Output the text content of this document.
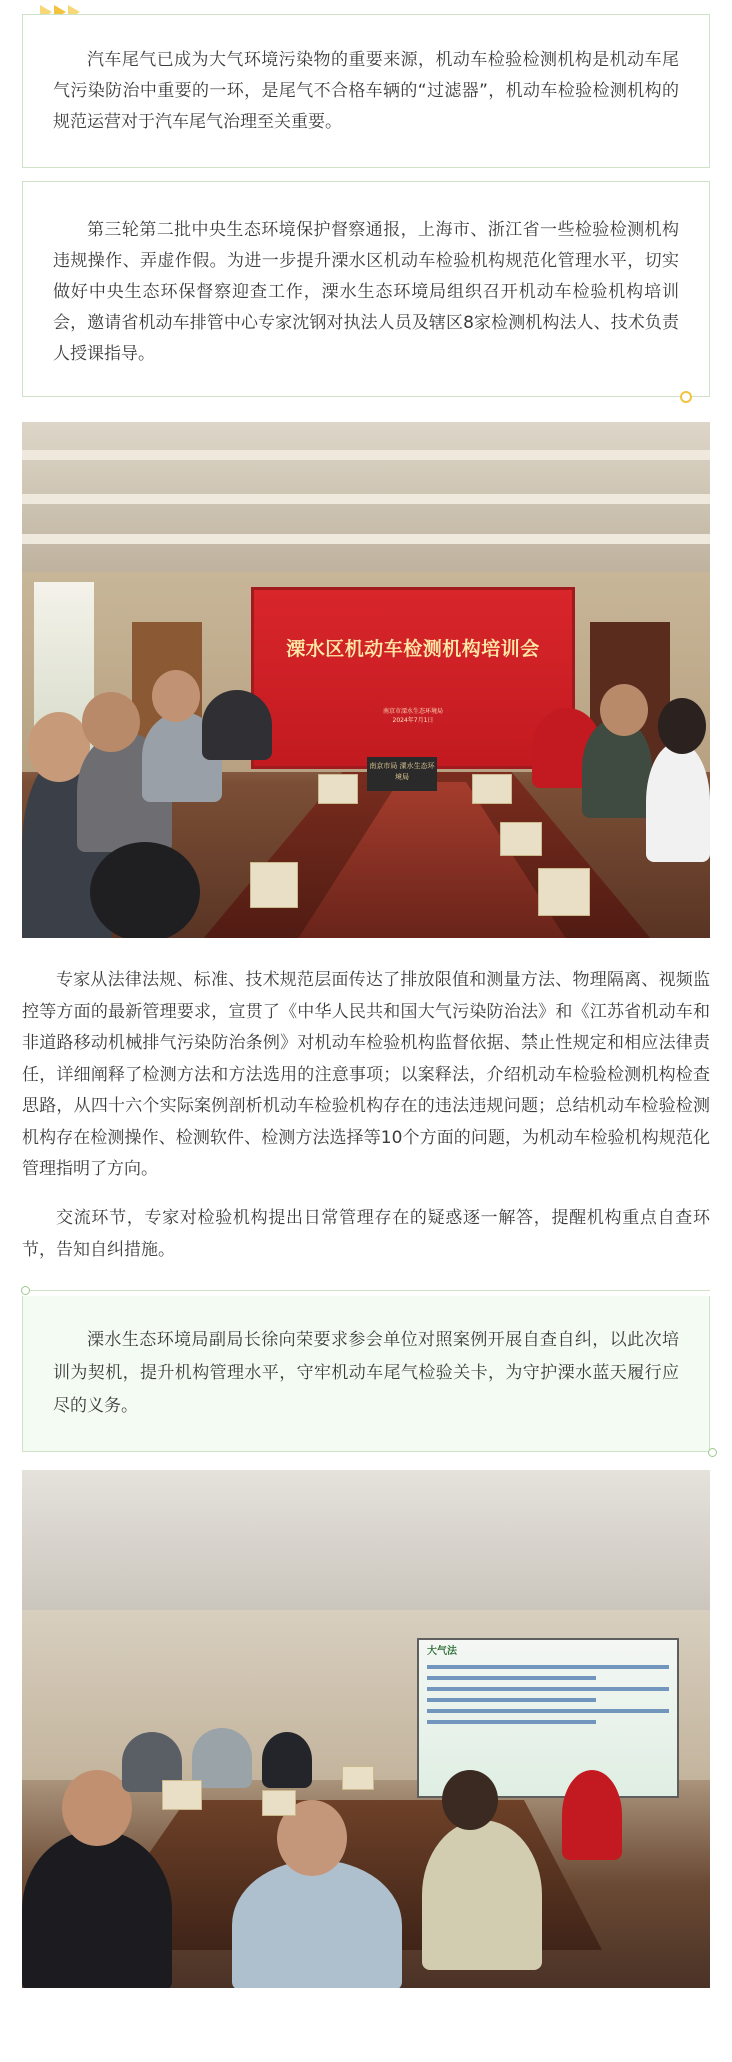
汽车尾气已成为大气环境污染物的重要来源，机动车检验检测机构是机动车尾气污染防治中重要的一环，是尾气不合格车辆的“过滤器”，机动车检验检测机构的规范运营对于汽车尾气治理至关重要。

第三轮第二批中央生态环境保护督察通报，上海市、浙江省一些检验检测机构违规操作、弄虚作假。为进一步提升溧水区机动车检验机构规范化管理水平，切实做好中央生态环保督察迎查工作，溧水生态环境局组织召开机动车检验机构培训会，邀请省机动车排管中心专家沈钢对执法人员及辖区8家检测机构法人、技术负责人授课指导。

溧水区机动车检测机构培训会
南京市溧水生态环境局
2024年7月1日
南京市局 溧水生态环境局

专家从法律法规、标准、技术规范层面传达了排放限值和测量方法、物理隔离、视频监控等方面的最新管理要求，宣贯了《中华人民共和国大气污染防治法》和《江苏省机动车和非道路移动机械排气污染防治条例》对机动车检验机构监督依据、禁止性规定和相应法律责任，详细阐释了检测方法和方法选用的注意事项；以案释法，介绍机动车检验检测机构检查思路，从四十六个实际案例剖析机动车检验机构存在的违法违规问题；总结机动车检验检测机构存在检测操作、检测软件、检测方法选择等10个方面的问题，为机动车检验机构规范化管理指明了方向。

交流环节，专家对检验机构提出日常管理存在的疑惑逐一解答，提醒机构重点自查环节，告知自纠措施。

溧水生态环境局副局长徐向荣要求参会单位对照案例开展自查自纠，以此次培训为契机，提升机构管理水平，守牢机动车尾气检验关卡，为守护溧水蓝天履行应尽的义务。

大气法
